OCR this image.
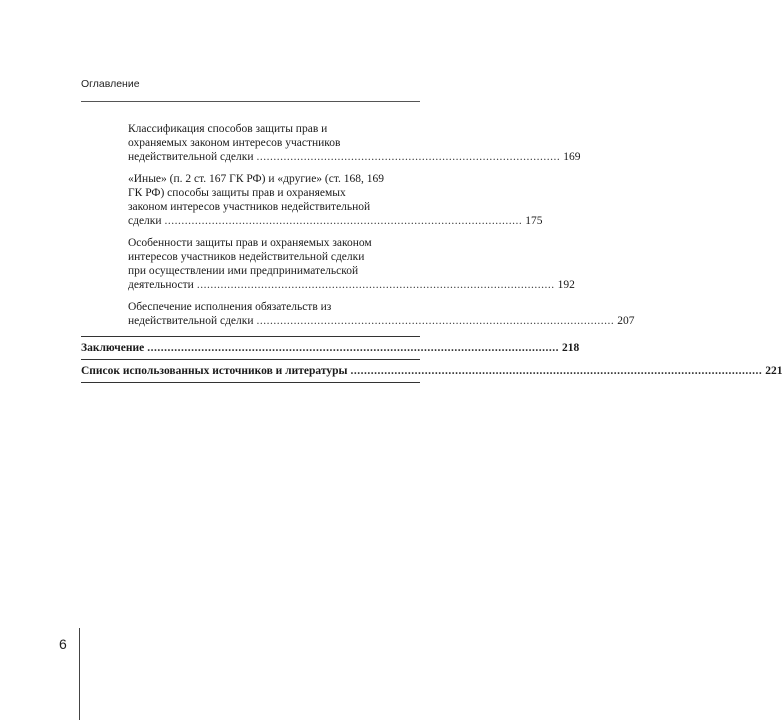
Оглавление
Классификация способов защиты прав и
охраняемых законом интересов участников
недействительной сделки .......................................................................................... 169
«Иные» (п. 2 ст. 167 ГК РФ) и «другие» (ст. 168, 169
ГК РФ) способы защиты прав и охраняемых
законом интересов участников недействительной
сделки .......................................................................................................... 175
Особенности защиты прав и охраняемых законом
интересов участников недействительной сделки
при осуществлении ими предпринимательской
деятельности .......................................................................................................... 192
Обеспечение исполнения обязательств из
недействительной сделки .......................................................................................................... 207
Заключение .......................................................................................................................... 218
Список использованных источников и литературы .......................................................................................................................... 221
6
